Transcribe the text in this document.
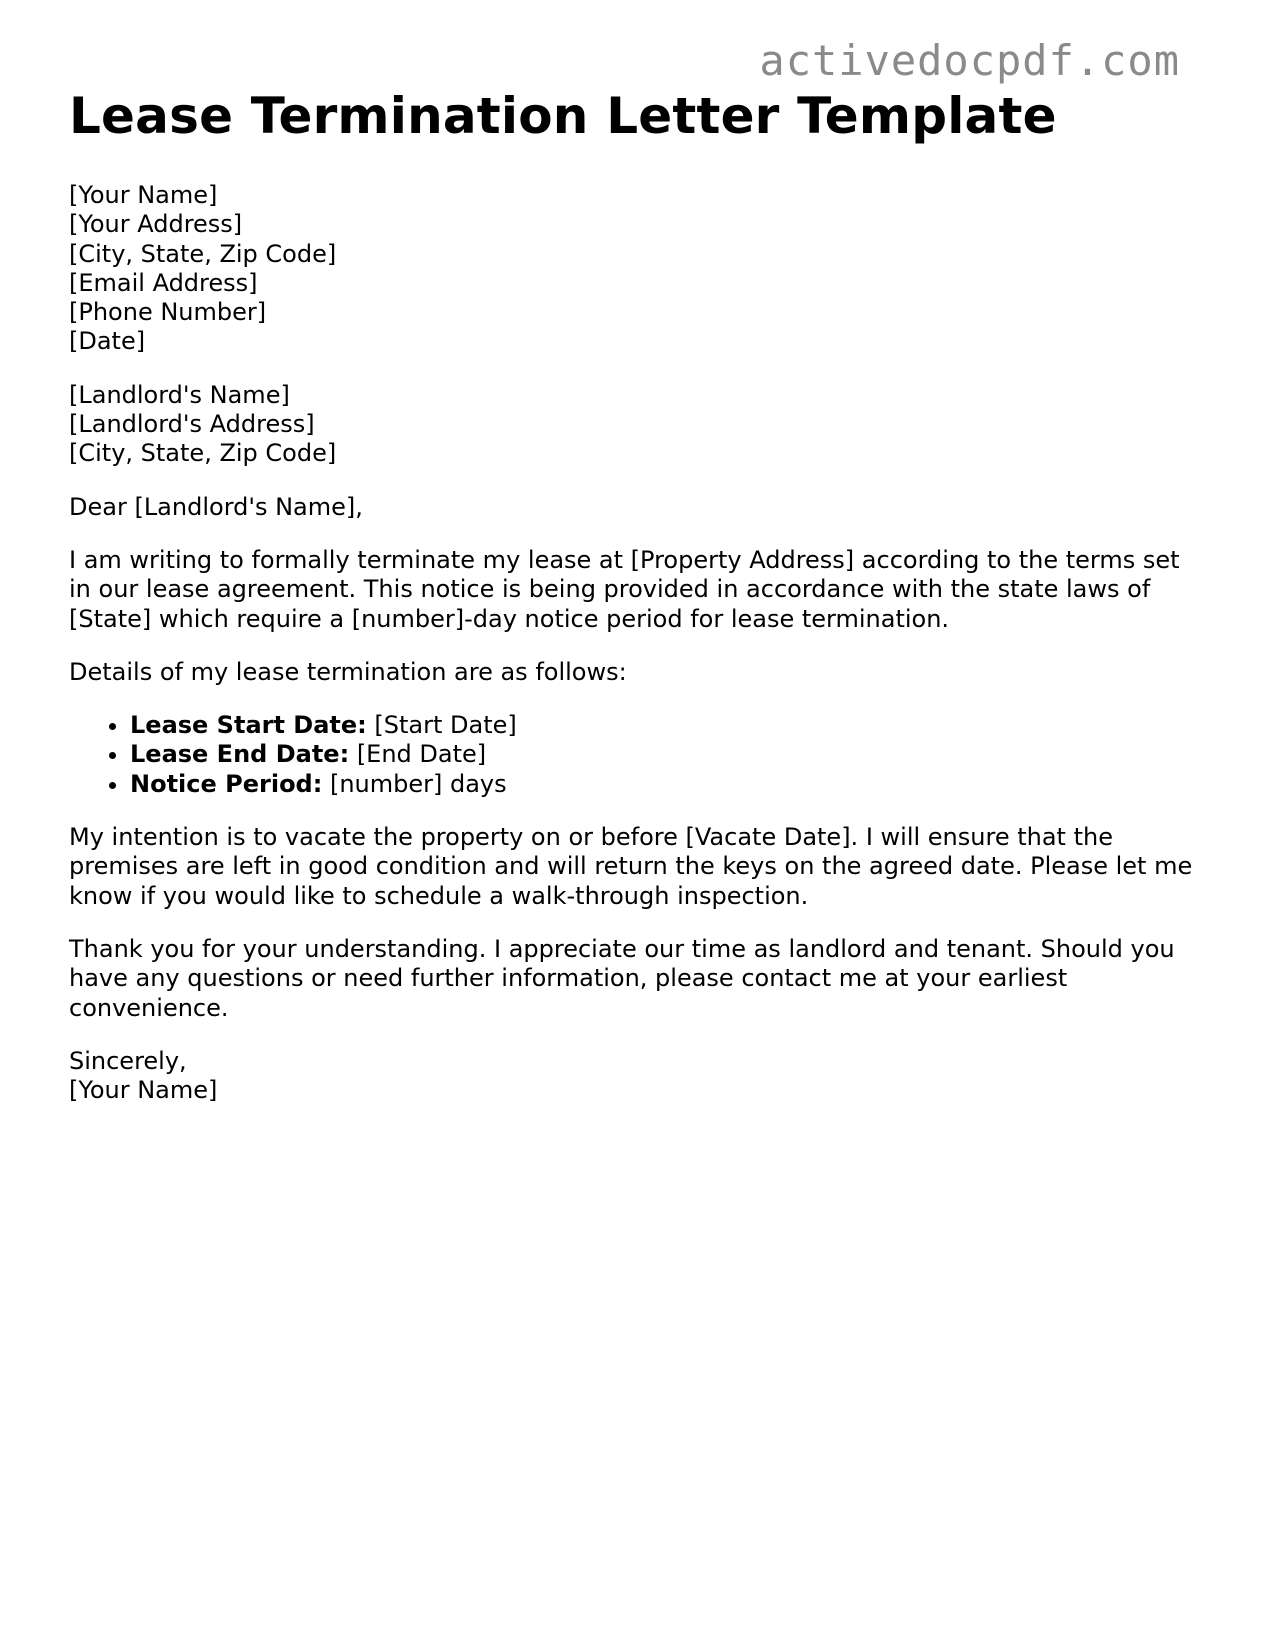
activedocpdf.com
Lease Termination Letter Template

[Your Name]
[Your Address]
[City, State, Zip Code]
[Email Address]
[Phone Number]
[Date]

[Landlord's Name]
[Landlord's Address]
[City, State, Zip Code]

Dear [Landlord's Name],

I am writing to formally terminate my lease at [Property Address] according to the terms set in our lease agreement. This notice is being provided in accordance with the state laws of [State] which require a [number]-day notice period for lease termination.

Details of my lease termination are as follows:

• Lease Start Date: [Start Date]
• Lease End Date: [End Date]
• Notice Period: [number] days

My intention is to vacate the property on or before [Vacate Date]. I will ensure that the premises are left in good condition and will return the keys on the agreed date. Please let me know if you would like to schedule a walk-through inspection.

Thank you for your understanding. I appreciate our time as landlord and tenant. Should you have any questions or need further information, please contact me at your earliest convenience.

Sincerely,
[Your Name]
